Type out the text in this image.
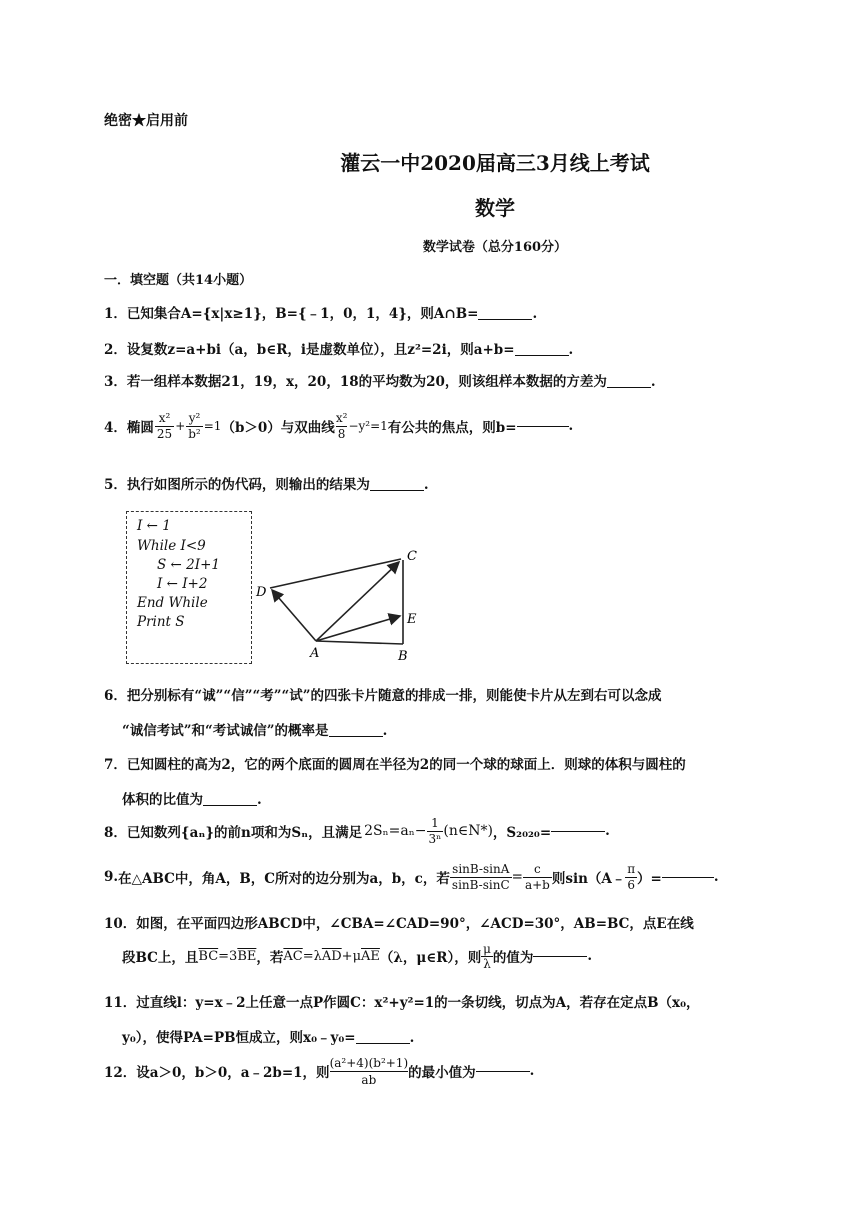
绝密★启用前
灌云一中2020届高三3月线上考试
数学
数学试卷（总分160分）
一．填空题（共14小题）
1．已知集合A={x|x≥1}，B={﹣1，0，1，4}，则A∩B=	.
2．设复数z=a+bi（a，b∈R，i是虚数单位），且z²=2i，则a+b=	.
3．若一组样本数据21，19，x，20，18的平均数为20，则该组样本数据的方差为	.
4． 椭圆 $\frac{\text{x²}}{25} + \frac{\text{y²}}{\text{b²}} =1$ （b＞0）与双曲线 $\frac{\text{x²}}{8} -y^2=1$ 有公共的焦点，则b=	.
5．执行如图所示的伪代码，则输出的结果为	.
I ← 1
While I<9
S ← 2I+1
I ← I+2
End While
Print S
C
D
E
A	B
6．把分别标有“诚”“信”“考”“试”的四张卡片随意的排成一排，则能使卡片从左到右可以念成
“诚信考试”和“考试诚信”的概率是	.
7．已知圆柱的高为2，它的两个底面的圆周在半径为2的同一个球的球面上．则球的体积与圆柱的
体积的比值为	.
8． 已知数列{aₙ}的前n项和为Sₙ，且满足 $2S_n=a_n- \frac{1}{\text{3ⁿ}}$ (n∈N*) ，S₂₀₂₀=	.
9. 在△ABC中，角A，B，C所对的边分别为a，b，c，若 $\frac{\sin B-\sin A}{\sin B-\sin C} = \frac{c}{a+b}$ 则sin（A﹣ $\frac{\pi}{6}$ ）=	.
10．如图，在平面四边形ABCD中，∠CBA=∠CAD=90°，∠ACD=30°，AB=BC，点E在线
段BC上，且 $\overline{BC} =3$ $\overline{BE}$ ，若 $\overline{AC} =\lambda$ $\overline{AD} +\mu$ $\overline{AE}$ （λ，μ∈R），则 $\frac{\mu}{\lambda}$ 的值为	.
11．过直线l：y=x﹣2上任意一点P作圆C：x²+y²=1的一条切线，切点为A，若存在定点B（x₀，
y₀），使得PA=PB恒成立，则x₀﹣y₀=	.
12． 设a＞0，b＞0，a﹣2b=1，则 $\frac{\text{(a²+4)(b²+1)}}{ab}$ 的最小值为	.
